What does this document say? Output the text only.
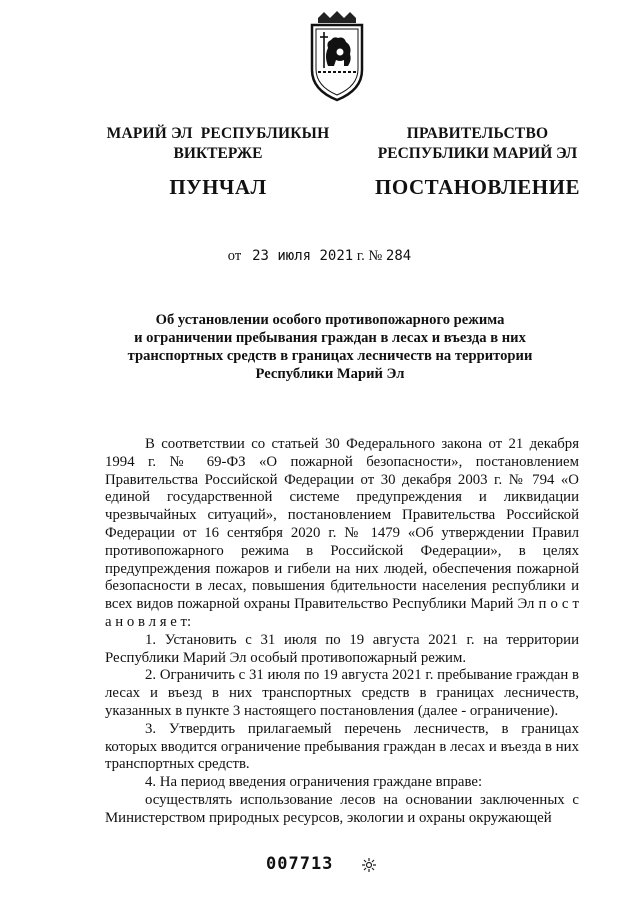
МАРИЙ ЭЛ  РЕСПУБЛИКЫН
ВИКТЕРЖЕ
ПУНЧАЛ
ПРАВИТЕЛЬСТВО
РЕСПУБЛИКИ МАРИЙ ЭЛ
ПОСТАНОВЛЕНИЕ
от 23 июля 2021 г. № 284
Об установлении особого противопожарного режима
и ограничении пребывания граждан в лесах и въезда в них
транспортных средств в границах лесничеств на территории
Республики Марий Эл

В соответствии со статьей 30 Федерального закона от 21 декабря 1994 г. № 69-ФЗ «О пожарной безопасности», постановлением Правительства Российской Федерации от 30 декабря 2003 г. № 794 «О единой государственной системе предупреждения и ликвидации чрезвычайных ситуаций», постановлением Правительства Российской Федерации от 16 сентября 2020 г. № 1479 «Об утверждении Правил противопожарного режима в Российской Федерации», в целях предупреждения пожаров и гибели на них людей, обеспечения пожарной безопасности в лесах, повышения бдительности населения республики и всех видов пожарной охраны Правительство Республики Марий Эл п о с т а н о в л я е т:

1. Установить с 31 июля по 19 августа 2021 г. на территории Республики Марий Эл особый противопожарный режим.

2. Ограничить с 31 июля по 19 августа 2021 г. пребывание граждан в лесах и въезд в них транспортных средств в границах лесничеств, указанных в пункте 3 настоящего постановления (далее - ограничение).

3. Утвердить прилагаемый перечень лесничеств, в границах которых вводится ограничение пребывания граждан в лесах и въезда в них транспортных средств.

4. На период введения ограничения граждане вправе:

осуществлять использование лесов на основании заключенных с Министерством природных ресурсов, экологии и охраны окружающей

007713
